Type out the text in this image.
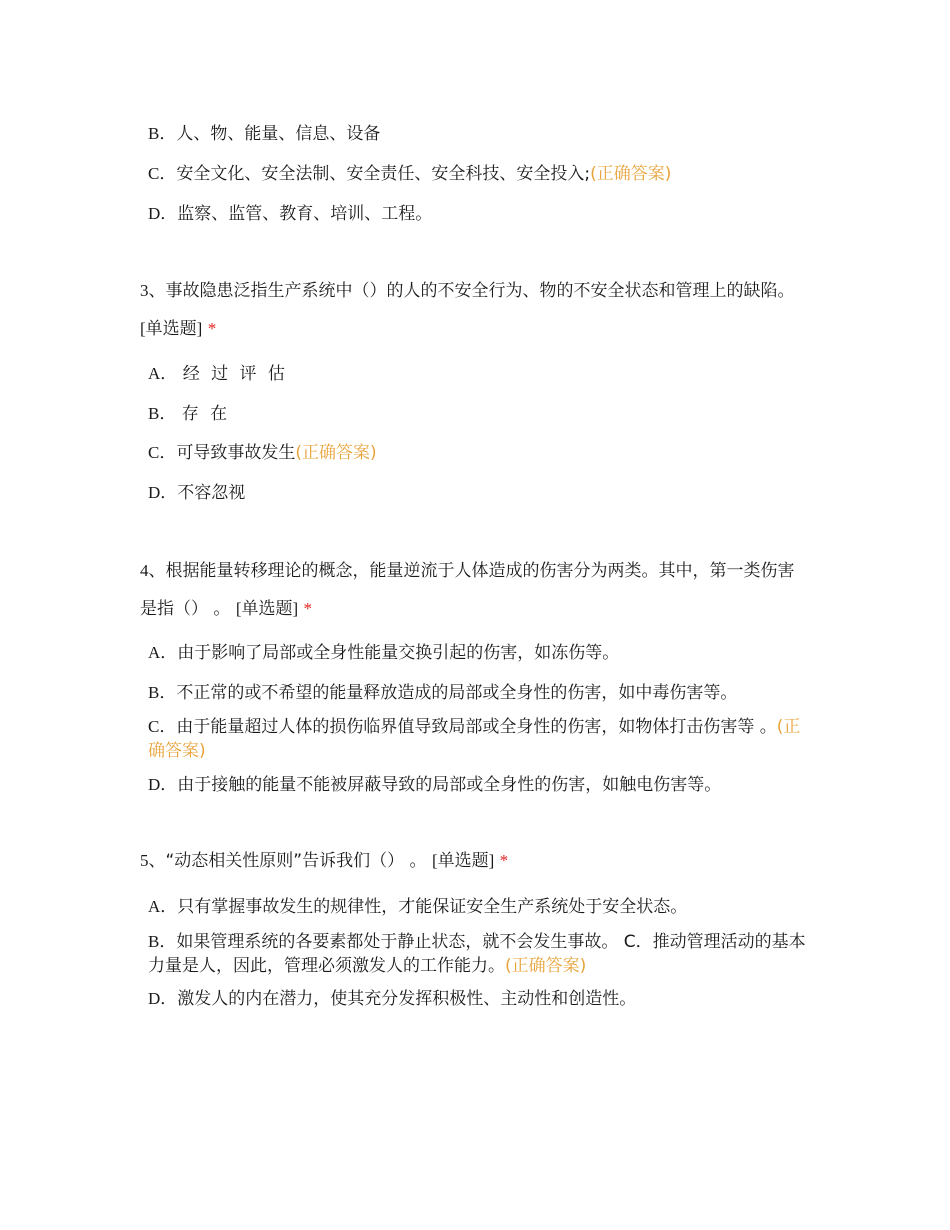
B．人、物、能量、信息、设备
C．安全文化、安全法制、安全责任、安全科技、安全投入;(正确答案)
D．监察、监管、教育、培训、工程。
3、事故隐患泛指生产系统中（）的人的不安全行为、物的不安全状态和管理上的缺陷。 [单选题] *
A． 经 过 评 估
B． 存 在
C．可导致事故发生(正确答案)
D．不容忽视
4、根据能量转移理论的概念，能量逆流于人体造成的伤害分为两类。其中，第一类伤害是指（） 。 [单选题] *
A．由于影响了局部或全身性能量交换引起的伤害，如冻伤等。
B．不正常的或不希望的能量释放造成的局部或全身性的伤害，如中毒伤害等。
C．由于能量超过人体的损伤临界值导致局部或全身性的伤害，如物体打击伤害等 。(正确答案)
D．由于接触的能量不能被屏蔽导致的局部或全身性的伤害，如触电伤害等。
5、“动态相关性原则”告诉我们（） 。 [单选题] *
A．只有掌握事故发生的规律性，才能保证安全生产系统处于安全状态。
B．如果管理系统的各要素都处于静止状态，就不会发生事故。 C．推动管理活动的基本力量是人，因此，管理必须激发人的工作能力。(正确答案)
D．激发人的内在潜力，使其充分发挥积极性、主动性和创造性。
